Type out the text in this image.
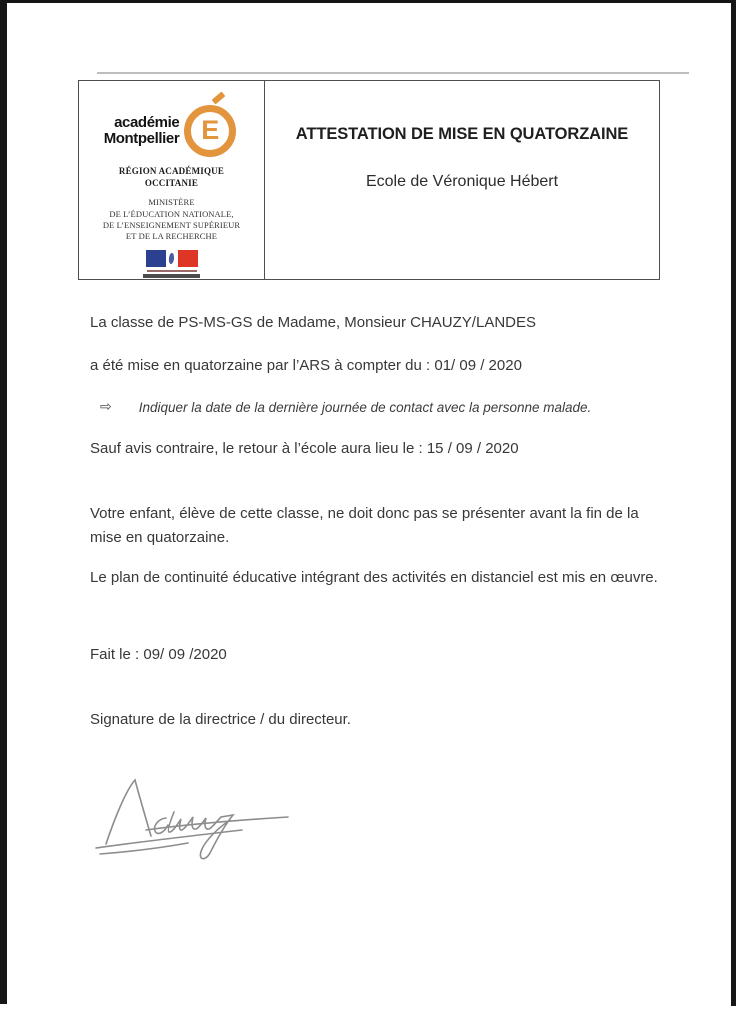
académie
Montpellier E
RÉGION ACADÉMIQUE
OCCITANIE
MINISTÈRE
DE L’ÉDUCATION NATIONALE,
DE L’ENSEIGNEMENT SUPÉRIEUR
ET DE LA RECHERCHE
ATTESTATION DE MISE EN QUATORZAINE
Ecole de Véronique Hébert
La classe de PS-MS-GS de Madame, Monsieur CHAUZY/LANDES
a été mise en quatorzaine par l’ARS à compter du : 01/ 09 / 2020
⇨ Indiquer la date de la dernière journée de contact avec la personne malade.
Sauf avis contraire, le retour à l’école aura lieu le : 15 / 09 / 2020
Votre enfant, élève de cette classe, ne doit donc pas se présenter avant la fin de la mise en quatorzaine.
Le plan de continuité éducative intégrant des activités en distanciel est mis en œuvre.
Fait le : 09/ 09 /2020
Signature de la directrice / du directeur.
